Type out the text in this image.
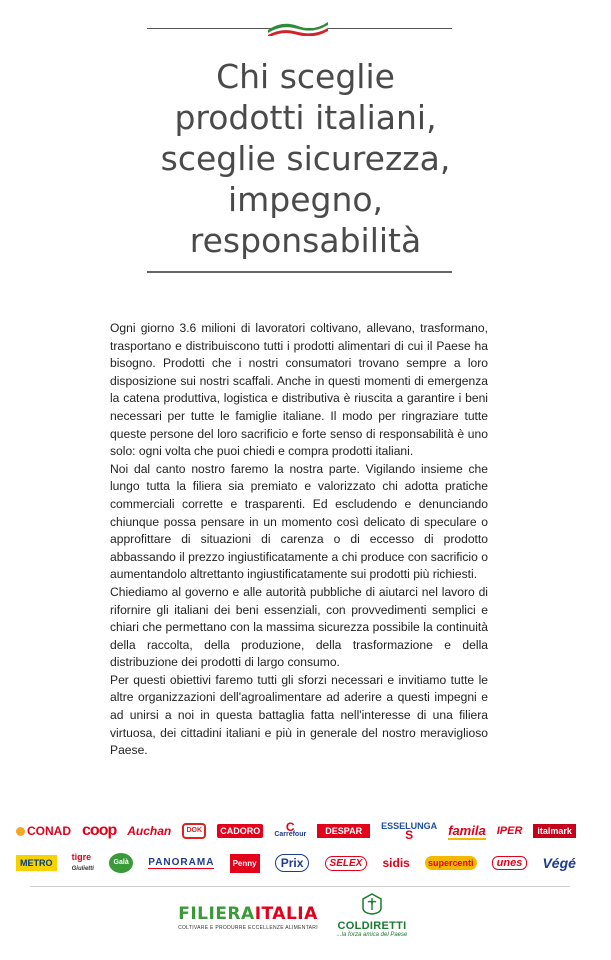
Chi sceglie
prodotti italiani,
sceglie sicurezza,
impegno,
responsabilità

Ogni giorno 3.6 milioni di lavoratori coltivano, allevano, trasformano, trasportano e distribuiscono tutti i prodotti alimentari di cui il Paese ha bisogno. Prodotti che i nostri consumatori trovano sempre a loro disposizione sui nostri scaffali. Anche in questi momenti di emergenza la catena produttiva, logistica e distributiva è riuscita a garantire i beni necessari per tutte le famiglie italiane. Il modo per ringraziare tutte queste persone del loro sacrificio e forte senso di responsabilità è uno solo: ogni volta che puoi chiedi e compra prodotti italiani.

Noi dal canto nostro faremo la nostra parte. Vigilando insieme che lungo tutta la filiera sia premiato e valorizzato chi adotta pratiche commerciali corrette e trasparenti. Ed escludendo e denunciando chiunque possa pensare in un momento così delicato di speculare o approfittare di situazioni di carenza o di eccesso di prodotto abbassando il prezzo ingiustificatamente a chi produce con sacrificio o aumentandolo altrettanto ingiustificatamente sui prodotti più richiesti.

Chiediamo al governo e alle autorità pubbliche di aiutarci nel lavoro di rifornire gli italiani dei beni essenziali, con provvedimenti semplici e chiari che permettano con la massima sicurezza possibile la continuità della raccolta, della produzione, della trasformazione e della distribuzione dei prodotti di largo consumo.

Per questi obiettivi faremo tutti gli sforzi necessari e invitiamo tutte le altre organizzazioni dell'agroalimentare ad aderire a questi impegni e ad unirsi a noi in questa battaglia fatta nell'interesse di una filiera virtuosa, dei cittadini italiani e più in generale del nostro meraviglioso Paese.

CONAD coop Auchan	DOK	CADORO	C
Carrefour	DESPAR	ESSELUNGA
S	famila IPER	italmark
METRO
tigre
Giulietti
Galà	PANORAMA	Penny	Prix	SELEX	sidis	supercenti	unes	Végé
FILIERAITALIA
COLTIVARE E PRODURRE ECCELLENZE ALIMENTARI COLDIRETTI
...la forza amica del Paese
